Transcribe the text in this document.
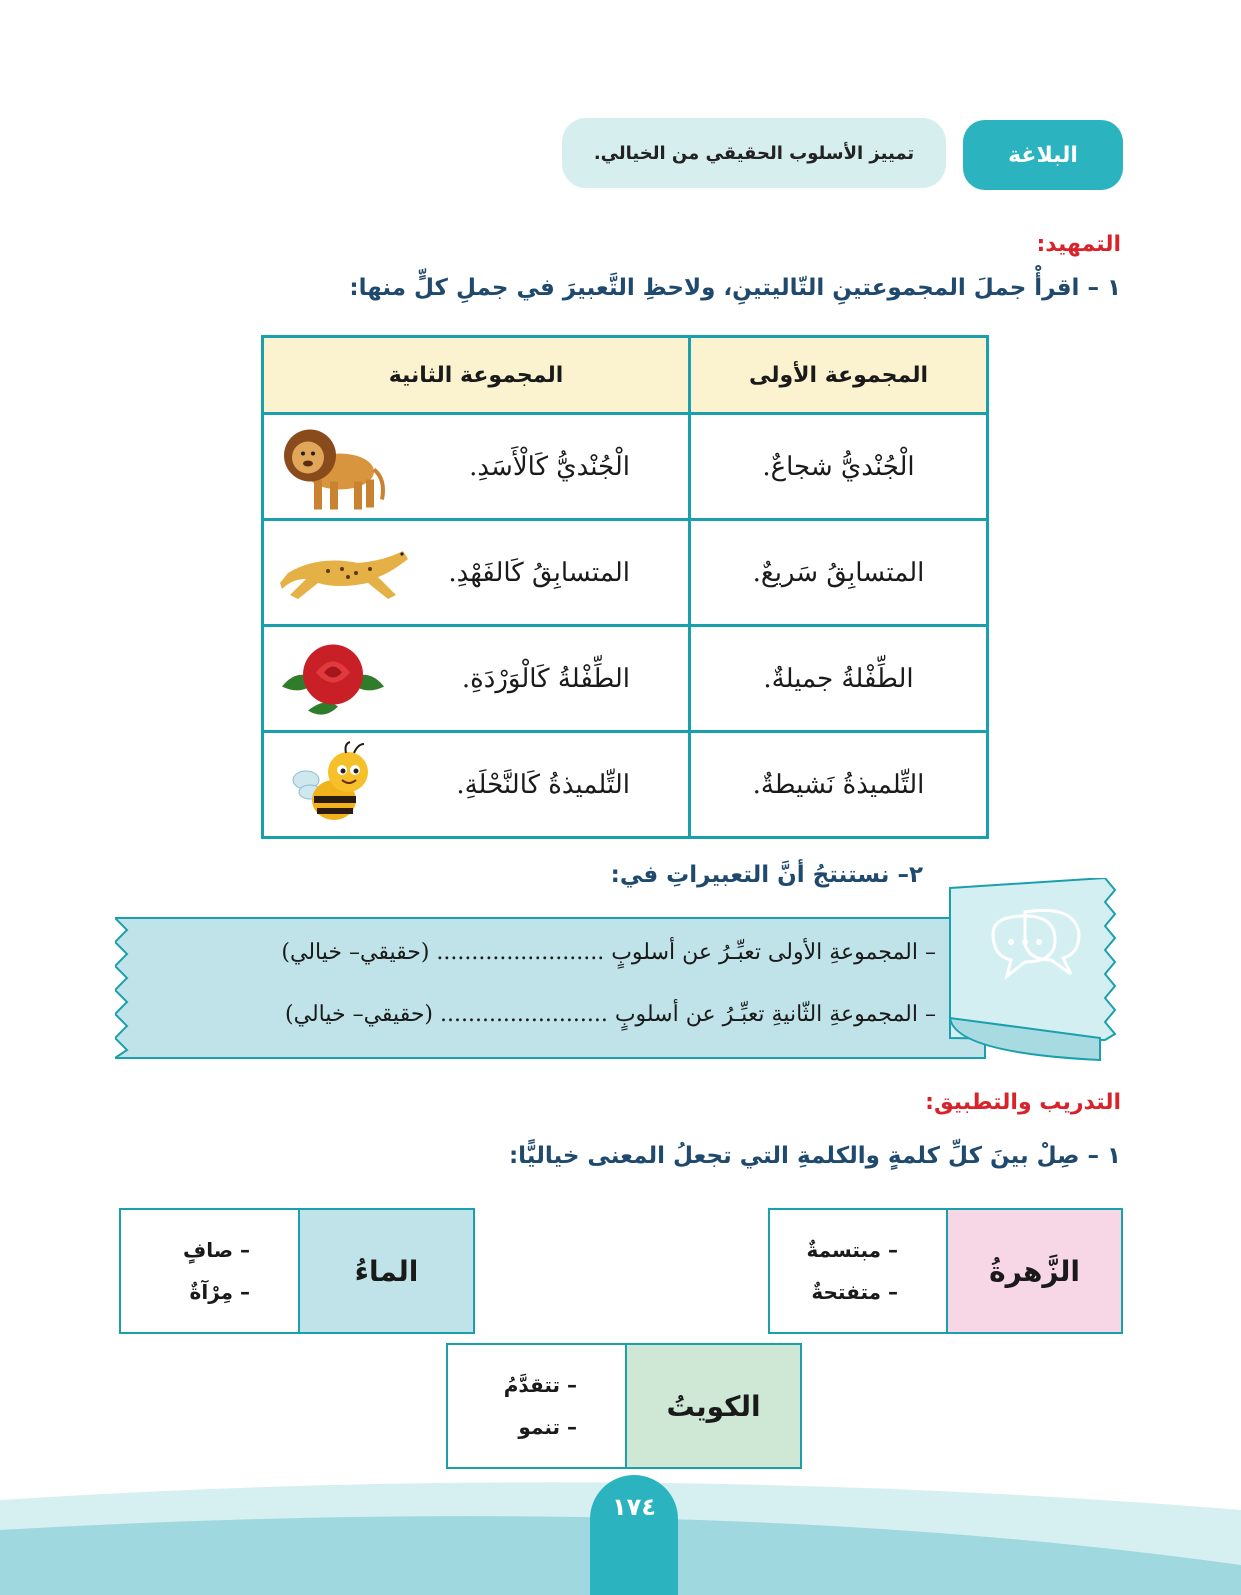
البلاغة
تمييز الأسلوب الحقيقي من الخيالي.
التمهيد:
١ – اقرأْ جملَ المجموعتينِ التّاليتينِ، ولاحظِ التَّعبيرَ في جملِ كلٍّ منها:
المجموعة الأولى	المجموعة الثانية
الْجُنْديُّ شجاعٌ.	الْجُنْديُّ كَالْأَسَدِ.

المتسابِقُ سَريعٌ.	المتسابِقُ كَالفَهْدِ.

الطِّفْلةُ جميلةٌ.	الطِّفْلةُ كَالْوَرْدَةِ.

التِّلميذةُ نَشيطةٌ.	التِّلميذةُ كَالنَّحْلَةِ.
٢– نستنتجُ أنَّ التعبيراتِ في:
– المجموعةِ الأولى تعبِّـرُ عن أسلوبٍ ........................ (حقيقي– خيالي)
– المجموعةِ الثّانيةِ تعبِّـرُ عن أسلوبٍ ........................ (حقيقي– خيالي)
التدريب والتطبيق:
١ – صِلْ بينَ كلِّ كلمةٍ والكلمةِ التي تجعلُ المعنى خياليًّا:
الزَّهرةُ
– مبتسمةٌ
– متفتحةٌ
الماءُ
– صافٍ
– مِرْآةٌ
الكويتُ
– تتقدَّمُ
– تنمو
١٧٤
